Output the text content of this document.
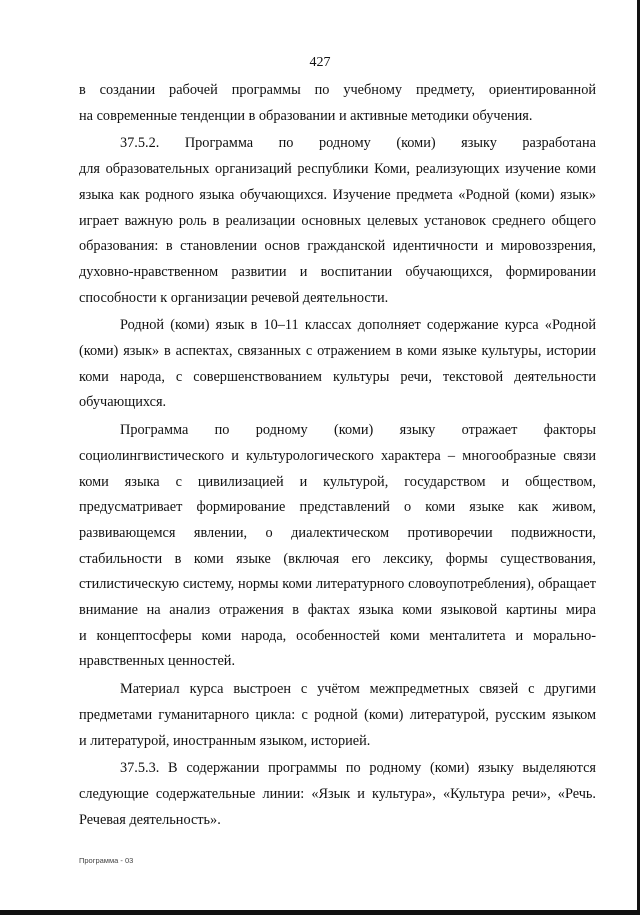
427

в создании рабочей программы по учебному предмету, ориентированной
на современные тенденции в образовании и активные методики обучения.

37.5.2. Программа по родному (коми) языку разработана
для образовательных организаций республики Коми, реализующих изучение коми
языка как родного языка обучающихся. Изучение предмета «Родной (коми) язык»
играет важную роль в реализации основных целевых установок среднего общего
образования: в становлении основ гражданской идентичности и мировоззрения,
духовно-нравственном развитии и воспитании обучающихся, формировании
способности к организации речевой деятельности.

Родной (коми) язык в 10–11 классах дополняет содержание курса «Родной
(коми) язык» в аспектах, связанных с отражением в коми языке культуры, истории
коми народа, с совершенствованием культуры речи, текстовой деятельности
обучающихся.

Программа по родному (коми) языку отражает факторы
социолингвистического и культурологического характера – многообразные связи
коми языка с цивилизацией и культурой, государством и обществом,
предусматривает формирование представлений о коми языке как живом,
развивающемся явлении, о диалектическом противоречии подвижности,
стабильности в коми языке (включая его лексику, формы существования,
стилистическую систему, нормы коми литературного словоупотребления), обращает
внимание на анализ отражения в фактах языка коми языковой картины мира
и концептосферы коми народа, особенностей коми менталитета и морально-
нравственных ценностей.

Материал курса выстроен с учётом межпредметных связей с другими
предметами гуманитарного цикла: с родной (коми) литературой, русским языком
и литературой, иностранным языком, историей.

37.5.3. В содержании программы по родному (коми) языку выделяются
следующие содержательные линии: «Язык и культура», «Культура речи», «Речь.
Речевая деятельность».

Программа - 03
